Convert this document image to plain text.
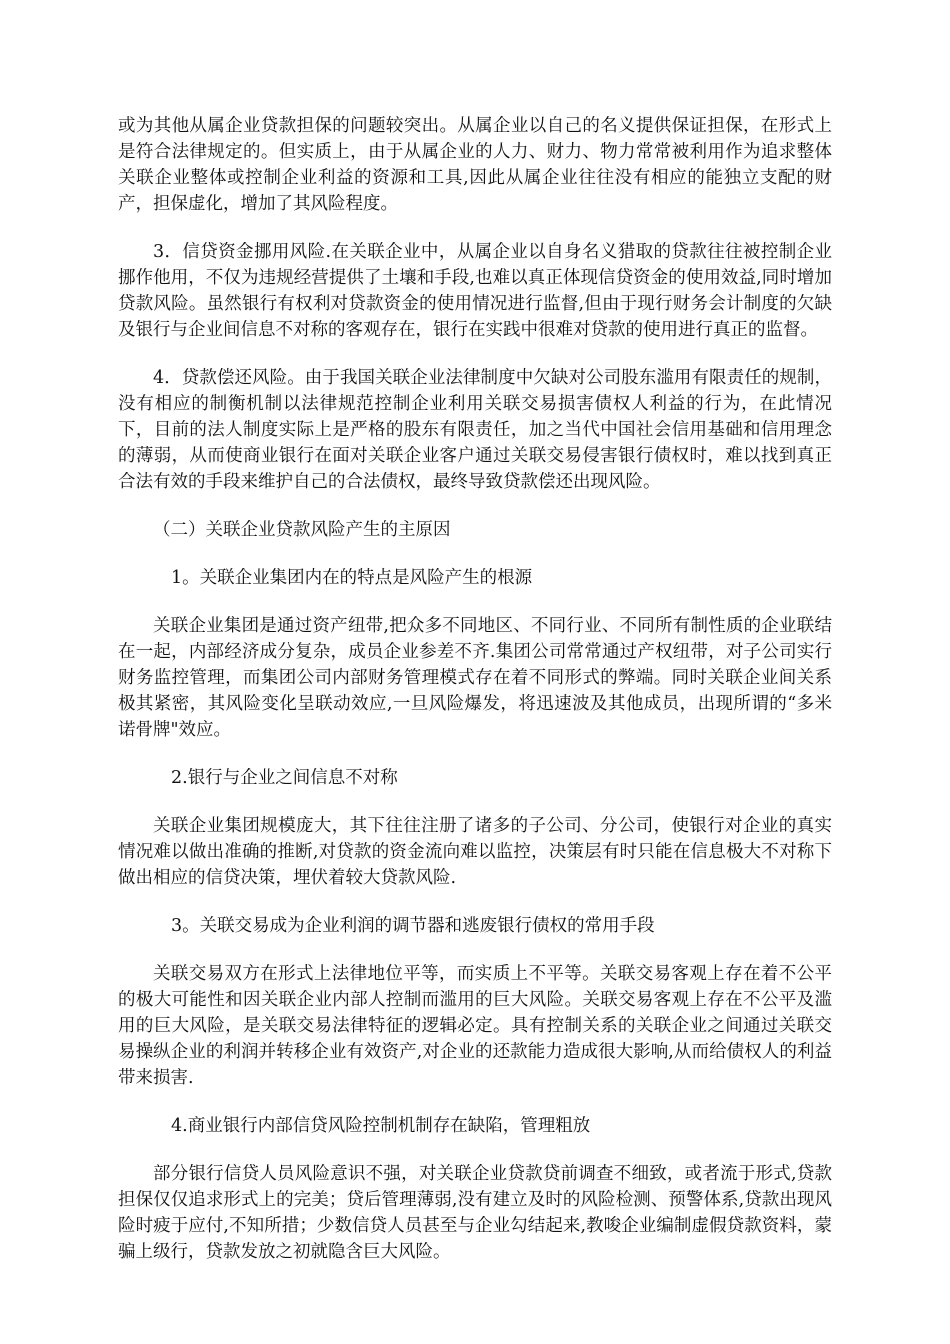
或为其他从属企业贷款担保的问题较突出。从属企业以自己的名义提供保证担保，在形式上是符合法律规定的。但实质上，由于从属企业的人力、财力、物力常常被利用作为追求整体关联企业整体或控制企业利益的资源和工具,因此从属企业往往没有相应的能独立支配的财产，担保虚化，增加了其风险程度。

3．信贷资金挪用风险.在关联企业中，从属企业以自身名义猎取的贷款往往被控制企业挪作他用，不仅为违规经营提供了土壤和手段,也难以真正体现信贷资金的使用效益,同时增加贷款风险。虽然银行有权利对贷款资金的使用情况进行监督,但由于现行财务会计制度的欠缺及银行与企业间信息不对称的客观存在，银行在实践中很难对贷款的使用进行真正的监督。

4．贷款偿还风险。由于我国关联企业法律制度中欠缺对公司股东滥用有限责任的规制，没有相应的制衡机制以法律规范控制企业利用关联交易损害债权人利益的行为，在此情况下，目前的法人制度实际上是严格的股东有限责任，加之当代中国社会信用基础和信用理念的薄弱，从而使商业银行在面对关联企业客户通过关联交易侵害银行债权时，难以找到真正合法有效的手段来维护自己的合法债权，最终导致贷款偿还出现风险。

（二）关联企业贷款风险产生的主原因

1。关联企业集团内在的特点是风险产生的根源

关联企业集团是通过资产纽带,把众多不同地区、不同行业、不同所有制性质的企业联结在一起，内部经济成分复杂，成员企业参差不齐.集团公司常常通过产权纽带，对子公司实行财务监控管理，而集团公司内部财务管理模式存在着不同形式的弊端。同时关联企业间关系极其紧密，其风险变化呈联动效应,一旦风险爆发，将迅速波及其他成员，出现所谓的“多米诺骨牌"效应。

2.银行与企业之间信息不对称

关联企业集团规模庞大，其下往往注册了诸多的子公司、分公司，使银行对企业的真实情况难以做出准确的推断,对贷款的资金流向难以监控，决策层有时只能在信息极大不对称下做出相应的信贷决策，埋伏着较大贷款风险.

3。关联交易成为企业利润的调节器和逃废银行债权的常用手段

关联交易双方在形式上法律地位平等，而实质上不平等。关联交易客观上存在着不公平的极大可能性和因关联企业内部人控制而滥用的巨大风险。关联交易客观上存在不公平及滥用的巨大风险，是关联交易法律特征的逻辑必定。具有控制关系的关联企业之间通过关联交易操纵企业的利润并转移企业有效资产,对企业的还款能力造成很大影响,从而给债权人的利益带来损害.

4.商业银行内部信贷风险控制机制存在缺陷，管理粗放

部分银行信贷人员风险意识不强，对关联企业贷款贷前调查不细致，或者流于形式,贷款担保仅仅追求形式上的完美；贷后管理薄弱,没有建立及时的风险检测、预警体系,贷款出现风险时疲于应付,不知所措；少数信贷人员甚至与企业勾结起来,教唆企业编制虚假贷款资料，蒙骗上级行，贷款发放之初就隐含巨大风险。
